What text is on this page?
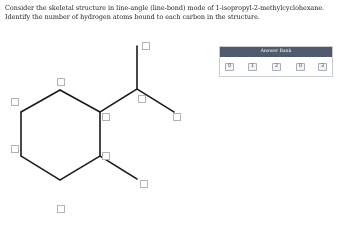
Consider the skeletal structure in line-angle (line-bond) mode of 1-isopropyl-2-methylcyclohexane. Identify the number of hydrogen atoms bound to each carbon in the structure.

Answer Bank
0	1	2	0	3
